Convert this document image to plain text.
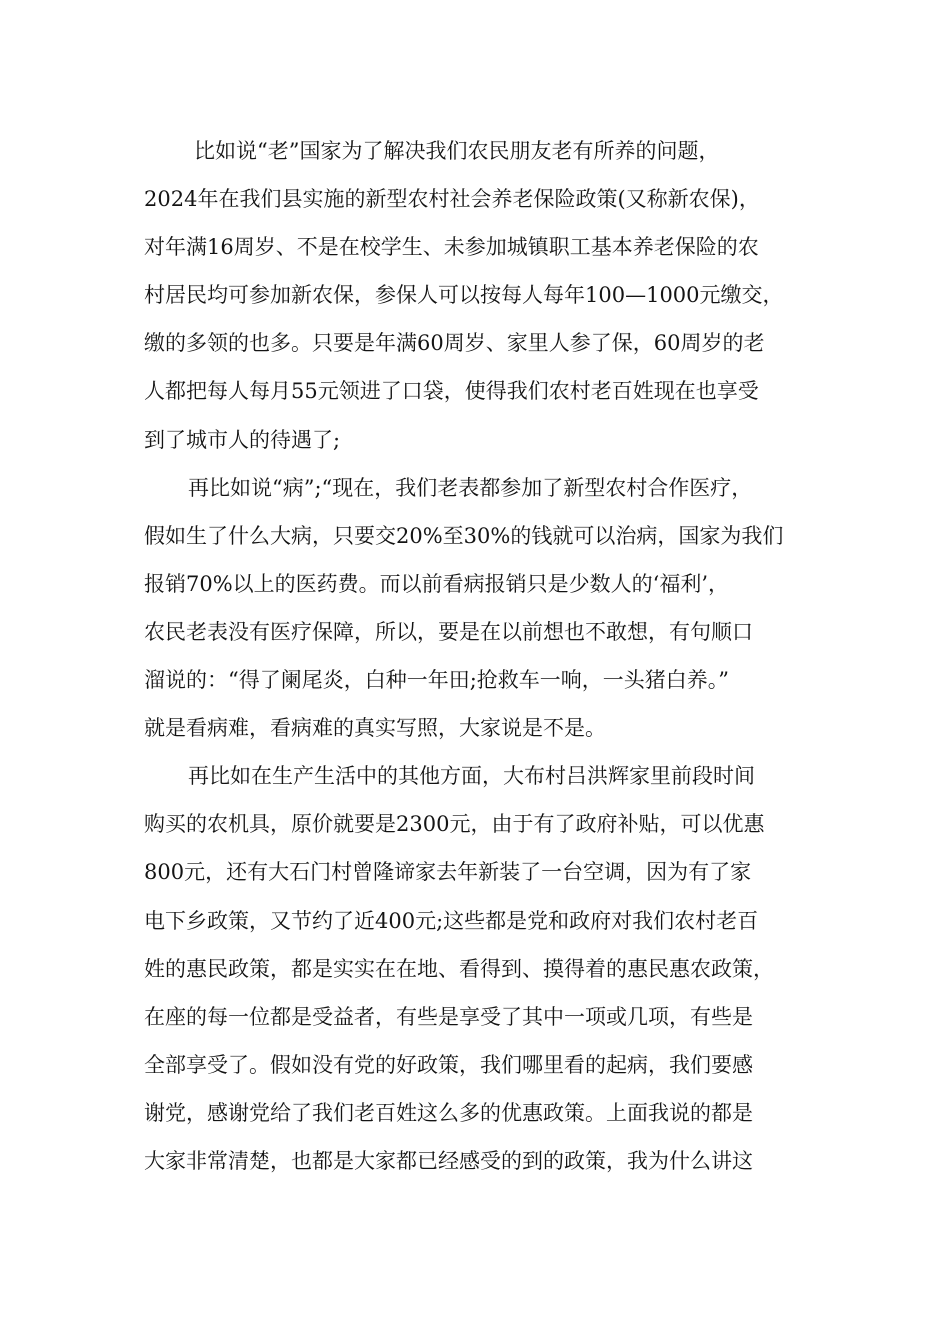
比如说“老”国家为了解决我们农民朋友老有所养的问题，
2024年在我们县实施的新型农村社会养老保险政策(又称新农保)，
对年满16周岁、不是在校学生、未参加城镇职工基本养老保险的农
村居民均可参加新农保，参保人可以按每人每年100—1000元缴交，
缴的多领的也多。只要是年满60周岁、家里人参了保，60周岁的老
人都把每人每月55元领进了口袋，使得我们农村老百姓现在也享受
到了城市人的待遇了;
再比如说“病”;“现在，我们老表都参加了新型农村合作医疗，
假如生了什么大病，只要交20%至30%的钱就可以治病，国家为我们
报销70%以上的医药费。而以前看病报销只是少数人的‘福利’，
农民老表没有医疗保障，所以，要是在以前想也不敢想，有句顺口
溜说的：“得了阑尾炎，白种一年田;抢救车一响，一头猪白养。”
就是看病难，看病难的真实写照，大家说是不是。
再比如在生产生活中的其他方面，大布村吕洪辉家里前段时间
购买的农机具，原价就要是2300元，由于有了政府补贴，可以优惠
800元，还有大石门村曾隆谛家去年新装了一台空调，因为有了家
电下乡政策，又节约了近400元;这些都是党和政府对我们农村老百
姓的惠民政策，都是实实在在地、看得到、摸得着的惠民惠农政策，
在座的每一位都是受益者，有些是享受了其中一项或几项，有些是
全部享受了。假如没有党的好政策，我们哪里看的起病，我们要感
谢党，感谢党给了我们老百姓这么多的优惠政策。上面我说的都是
大家非常清楚，也都是大家都已经感受的到的政策，我为什么讲这
